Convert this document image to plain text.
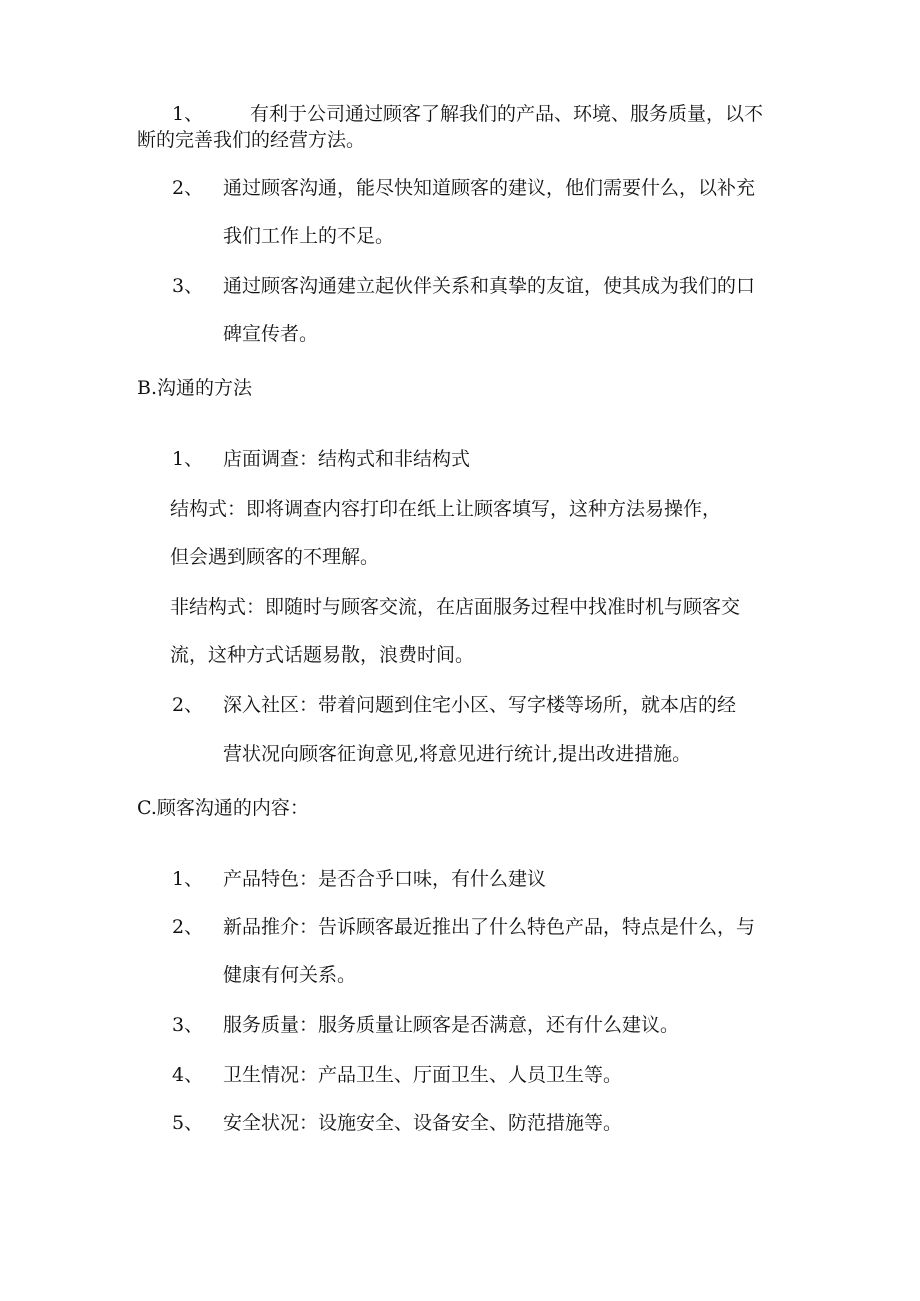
1、 有利于公司通过顾客了解我们的产品、环境、服务质量，以不
断的完善我们的经营方法。
2、 通过顾客沟通，能尽快知道顾客的建议，他们需要什么，以补充
我们工作上的不足。
3、 通过顾客沟通建立起伙伴关系和真挚的友谊，使其成为我们的口
碑宣传者。
B.沟通的方法
1、 店面调查：结构式和非结构式
结构式：即将调查内容打印在纸上让顾客填写，这种方法易操作，
但会遇到顾客的不理解。
非结构式：即随时与顾客交流，在店面服务过程中找准时机与顾客交
流，这种方式话题易散，浪费时间。
2、 深入社区：带着问题到住宅小区、写字楼等场所，就本店的经
营状况向顾客征询意见,将意见进行统计,提出改进措施。
C.顾客沟通的内容：
1、 产品特色：是否合乎口味，有什么建议
2、 新品推介：告诉顾客最近推出了什么特色产品，特点是什么，与
健康有何关系。
3、 服务质量：服务质量让顾客是否满意，还有什么建议。
4、 卫生情况：产品卫生、厅面卫生、人员卫生等。
5、 安全状况：设施安全、设备安全、防范措施等。
